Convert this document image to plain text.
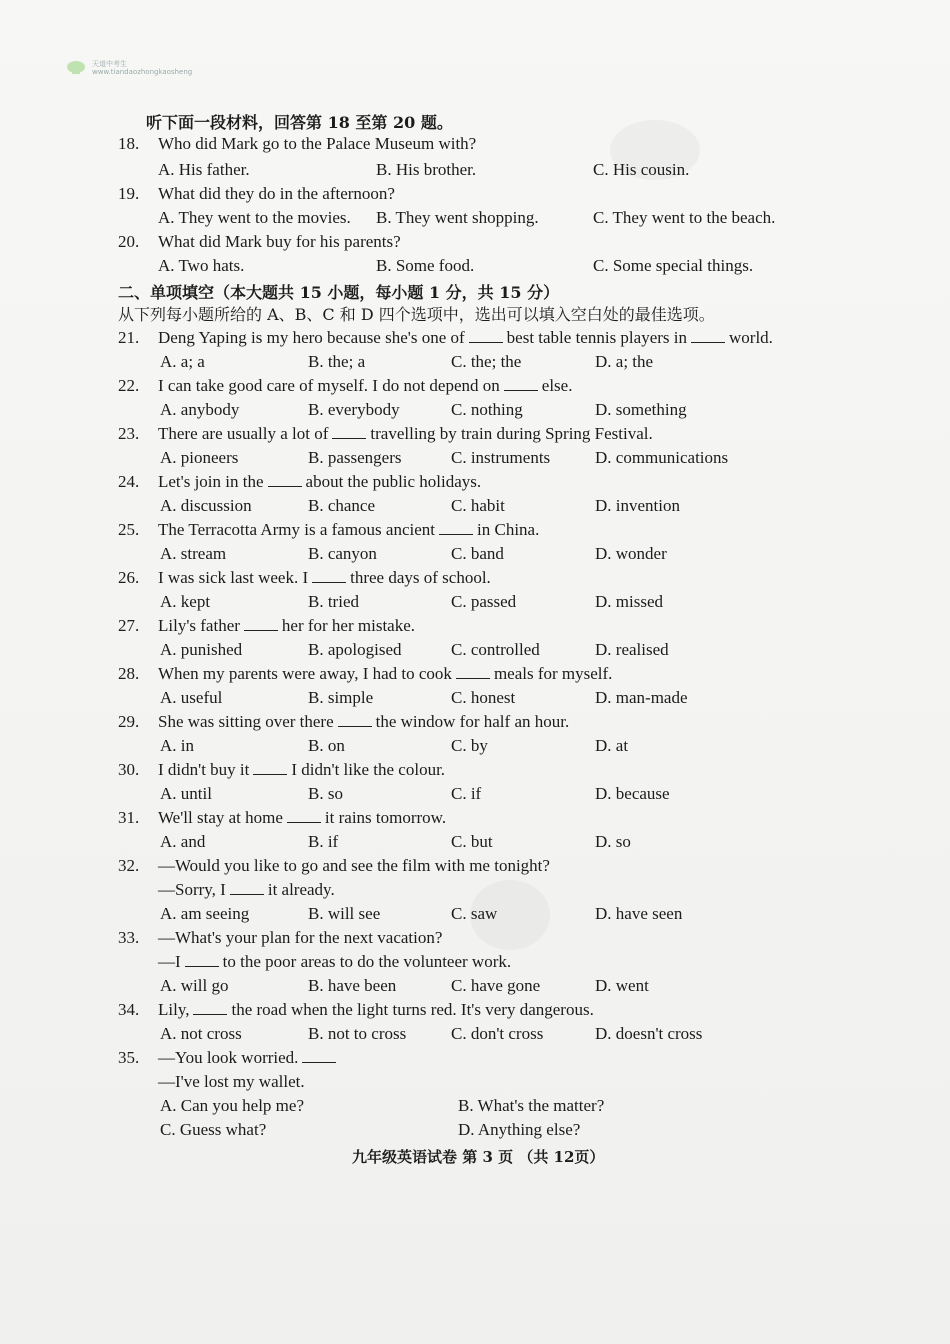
天道中考生
www.tiandaozhongkaosheng
听下面一段材料，回答第 18 至第 20 题。
18. Who did Mark go to the Palace Museum with?
A. His father.	B. His brother.	C. His cousin.
19. What did they do in the afternoon?
A. They went to the movies. B. They went shopping.	C. They went to the beach.
20. What did Mark buy for his parents?
A. Two hats.	B. Some food.	C. Some special things.
二、单项填空（本大题共 15 小题，每小题 1 分，共 15 分）
从下列每小题所给的 A、B、C 和 D 四个选项中，选出可以填入空白处的最佳选项。
21. Deng Yaping is my hero because she's one of best table tennis players in world.
A. a; a	B. the; a	C. the; the	D. a; the
22. I can take good care of myself. I do not depend on else.
A. anybody	B. everybody	C. nothing	D. something
23. There are usually a lot of travelling by train during Spring Festival.
A. pioneers	B. passengers	C. instruments	D. communications
24. Let's join in the about the public holidays.
A. discussion	B. chance	C. habit	D. invention
25. The Terracotta Army is a famous ancient in China.
A. stream	B. canyon	C. band	D. wonder
26. I was sick last week. I three days of school.
A. kept	B. tried	C. passed	D. missed
27. Lily's father her for her mistake.
A. punished	B. apologised	C. controlled	D. realised
28. When my parents were away, I had to cook meals for myself.
A. useful	B. simple	C. honest	D. man-made
29. She was sitting over there the window for half an hour.
A. in	B. on	C. by	D. at
30. I didn't buy it I didn't like the colour.
A. until	B. so	C. if	D. because
31. We'll stay at home it rains tomorrow.
A. and	B. if	C. but	D. so
32. —Would you like to go and see the film with me tonight?
—Sorry, I it already.
A. am seeing	B. will see	C. saw	D. have seen
33. —What's your plan for the next vacation?
—I to the poor areas to do the volunteer work.
A. will go	B. have been	C. have gone	D. went
34. Lily, the road when the light turns red. It's very dangerous.
A. not cross	B. not to cross	C. don't cross	D. doesn't cross
35. —You look worried.
—I've lost my wallet.
A. Can you help me?	B. What's the matter?
C. Guess what?	D. Anything else?
九年级英语试卷 第 3 页 （共 12页）
